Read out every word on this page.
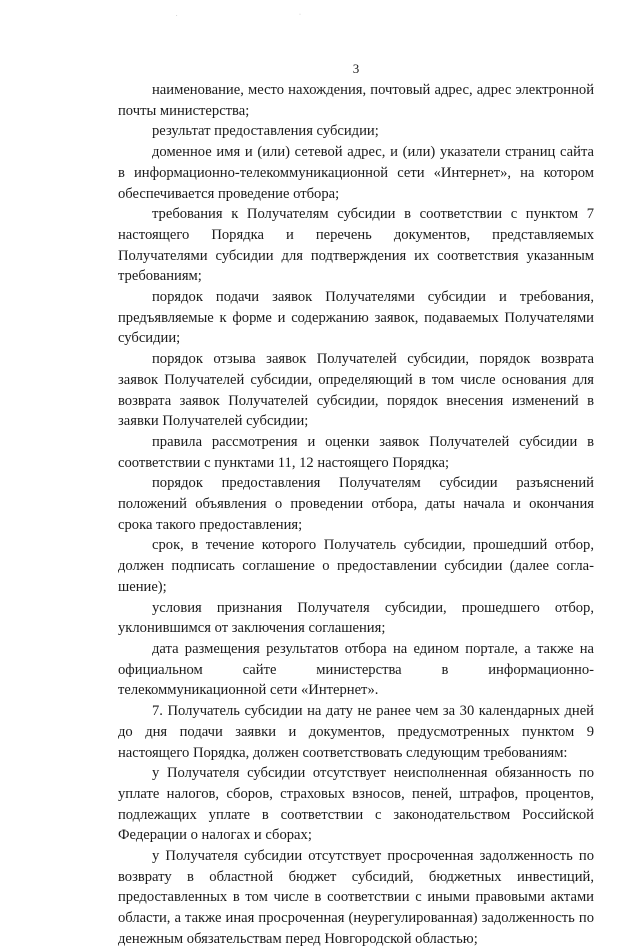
. ·
3

наименование, место нахождения, почтовый адрес, адрес электронной почты министерства;

результат предоставления субсидии;

доменное имя и (или) сетевой адрес, и (или) указатели страниц сайта в информационно-телекоммуникационной сети «Интернет», на котором обеспечивается проведение отбора;

требования к Получателям субсидии в соответствии с пунктом 7 настоящего Порядка и перечень документов, представляемых Получателями субсидии для подтверждения их соответствия указанным требованиям;

порядок подачи заявок Получателями субсидии и требования, предъявляемые к форме и содержанию заявок, подаваемых Получателями субсидии;

порядок отзыва заявок Получателей субсидии, порядок возврата заявок Получателей субсидии, определяющий в том числе основания для возврата заявок Получателей субсидии, порядок внесения изменений в заявки Получателей субсидии;

правила рассмотрения и оценки заявок Получателей субсидии в соответствии с пунктами 11, 12 настоящего Порядка;

порядок предоставления Получателям субсидии разъяснений положений объявления о проведении отбора, даты начала и окончания срока такого предоставления;

срок, в течение которого Получатель субсидии, прошедший отбор, должен подписать соглашение о предоставлении субсидии (далее соглашение);

условия признания Получателя субсидии, прошедшего отбор, уклонившимся от заключения соглашения;

дата размещения результатов отбора на едином портале, а также на официальном сайте министерства в информационно-телекоммуникационной сети «Интернет».

7. Получатель субсидии на дату не ранее чем за 30 календарных дней до дня подачи заявки и документов, предусмотренных пунктом 9 настоящего Порядка, должен соответствовать следующим требованиям:

у Получателя субсидии отсутствует неисполненная обязанность по уплате налогов, сборов, страховых взносов, пеней, штрафов, процентов, подлежащих уплате в соответствии с законодательством Российской Федерации о налогах и сборах;

у Получателя субсидии отсутствует просроченная задолженность по возврату в областной бюджет субсидий, бюджетных инвестиций, предоставленных в том числе в соответствии с иными правовыми актами области, а также иная просроченная (неурегулированная) задолженность по денежным обязательствам перед Новгородской областью;
